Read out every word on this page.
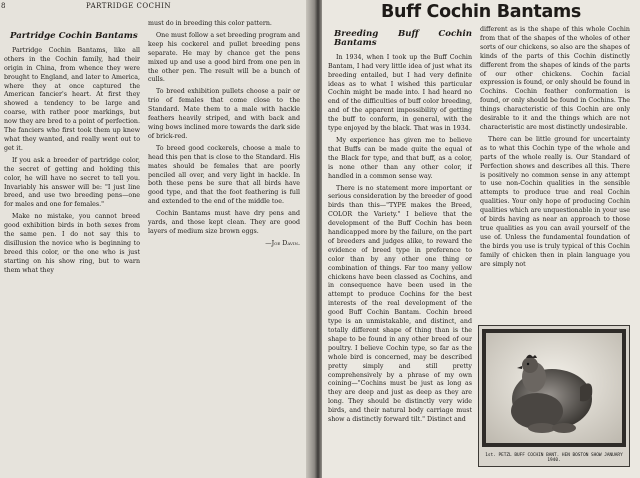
8	PARTRIDGE COCHIN
Partridge Cochin Bantams

Partridge Cochin Bantams, like all others in the Cochin family, had their origin in China, from whence they were brought to England, and later to America, where they at once captured the American fancier's heart. At first they showed a tendency to be large and coarse, with rather poor markings, but now they are bred to a point of perfection. The fanciers who first took them up knew what they wanted, and really went out to get it.

If you ask a breeder of partridge color, the secret of getting and holding this color, he will have no secret to tell you. Invariably his answer will be: "I just line breed, and use two breeding pens—one for males and one for females."

Make no mistake, you cannot breed good exhibition birds in both sexes from the same pen. I do not say this to disillusion the novice who is beginning to breed this color, or the one who is just starting on his show ring, but to warn them what they

must do in breeding this color pattern.

One must follow a set breeding program and keep his cockerel and pullet breeding pens separate. He may by chance get the pens mixed up and use a good bird from one pen in the other pen. The result will be a bunch of culls.

To breed exhibition pullets choose a pair or trio of females that come close to the Standard. Mate them to a male with hackle feathers heavily striped, and with back and wing bows inclined more towards the dark side of brick-red.

To breed good cockerels, choose a male to head this pen that is close to the Standard. His mates should be females that are poorly penciled all over, and very light in hackle. In both these pens be sure that all birds have good type, and that the foot feathering is full and extended to the end of the middle toe.

Cochin Bantams must have dry pens and yards, and those kept clean. They are good layers of medium size brown eggs.

—Joe Davin.

Buff Cochin Bantams
Breeding Buff Cochin Bantams

In 1934, when I took up the Buff Cochin Bantam, I had very little idea of just what its breeding entailed, but I had very definite ideas as to what I wished this particular Cochin might be made into. I had heard no end of the difficulties of buff color breeding, and of the apparent impossibility of getting the buff to conform, in general, with the type enjoyed by the black. That was in 1934.

My experience has given me to believe that Buffs can be made quite the equal of the Black for type, and that buff, as a color, is none other than any other color, if handled in a common sense way.

There is no statement more important or serious consideration by the breeder of good birds than this—"TYPE makes the Breed, COLOR the Variety." I believe that the development of the Buff Cochin has been handicapped more by the failure, on the part of breeders and judges alike, to reward the evidence of breed type in preference to color than by any other one thing or combination of things. Far too many yellow chickens have been classed as Cochins, and in consequence have been used in the attempt to produce Cochins for the best interests of the real development of the good Buff Cochin Bantam. Cochin breed type is an unmistakable, and distinct, and totally different shape of thing than is the shape to be found in any other breed of our poultry. I believe Cochin type, so far as the whole bird is concerned, may be described pretty simply and still pretty comprehensively by a phrase of my own coining—"Cochins must be just as long as they are deep and just as deep as they are long. They should be distinctly very wide birds, and their natural body carriage must show a distinctly forward tilt." Distinct and

different as is the shape of this whole Cochin from that of the shapes of the wholes of other sorts of our chickens, so also are the shapes of kinds of the parts of this Cochin distinctly different from the shapes of kinds of the parts of our other chickens. Cochin facial expression is found, or only should be found in Cochins. Cochin feather conformation is found, or only should be found in Cochins. The things characteristic of this Cochin are only desirable to it and the things which are not characteristic are most distinctly undesirable.

There can be little ground for uncertainty as to what this Cochin type of the whole and parts of the whole really is. Our Standard of Perfection shows and describes all this. There is positively no common sense in any attempt to use non-Cochin qualities in the sensible attempts to produce true and real Cochin qualities. Your only hope of producing Cochin qualities which are unquestionable in your use of birds having as near an approach to those true qualities as you can avail yourself of the use of. Unless the fundamental foundation of the birds you use is truly typical of this Cochin family of chicken then in plain language you are simply not

1st. PETZL BUFF COCHIN BANT. HEN BOSTON SHOW JANUARY 1940.
